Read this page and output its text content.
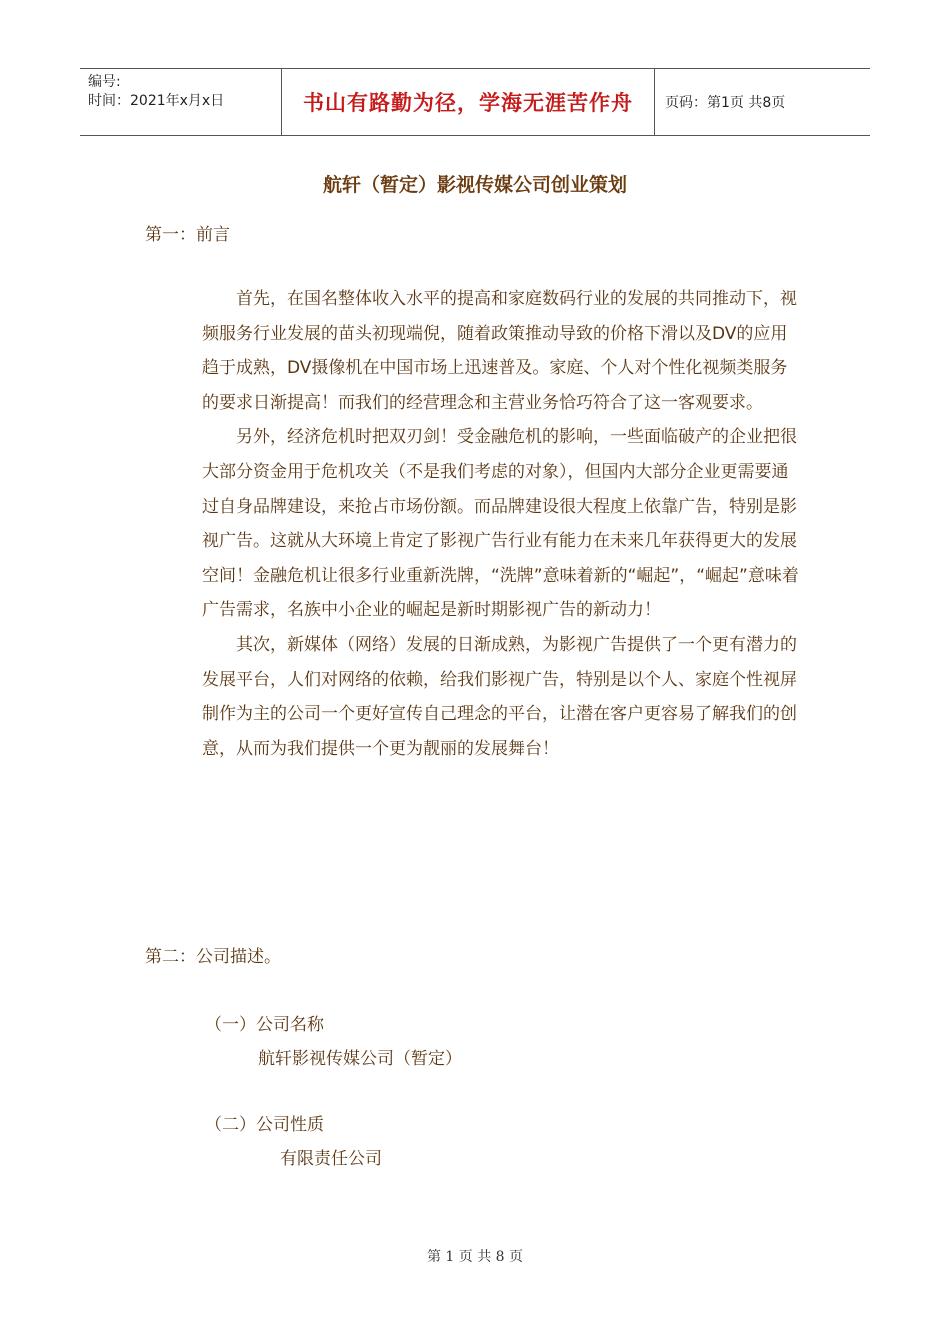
编号:
时间：2021年x月x日	书山有路勤为径，学海无涯苦作舟	页码：第1页 共8页
航轩（暂定）影视传媒公司创业策划
第一：前言

首先，在国名整体收入水平的提高和家庭数码行业的发展的共同推动下，视频服务行业发展的苗头初现端倪，随着政策推动导致的价格下滑以及DV的应用趋于成熟，DV摄像机在中国市场上迅速普及。家庭、个人对个性化视频类服务的要求日渐提高！而我们的经营理念和主营业务恰巧符合了这一客观要求。

另外，经济危机时把双刃剑！受金融危机的影响，一些面临破产的企业把很大部分资金用于危机攻关（不是我们考虑的对象），但国内大部分企业更需要通过自身品牌建设，来抢占市场份额。而品牌建设很大程度上依靠广告，特别是影视广告。这就从大环境上肯定了影视广告行业有能力在未来几年获得更大的发展空间！金融危机让很多行业重新洗牌，“洗牌”意味着新的“崛起”，“崛起”意味着广告需求，名族中小企业的崛起是新时期影视广告的新动力！

其次，新媒体（网络）发展的日渐成熟，为影视广告提供了一个更有潜力的发展平台，人们对网络的依赖，给我们影视广告，特别是以个人、家庭个性视屏制作为主的公司一个更好宣传自己理念的平台，让潜在客户更容易了解我们的创意，从而为我们提供一个更为靓丽的发展舞台！

第二：公司描述。
（一）公司名称
航轩影视传媒公司（暂定）
（二）公司性质
有限责任公司
第 1 页 共 8 页
